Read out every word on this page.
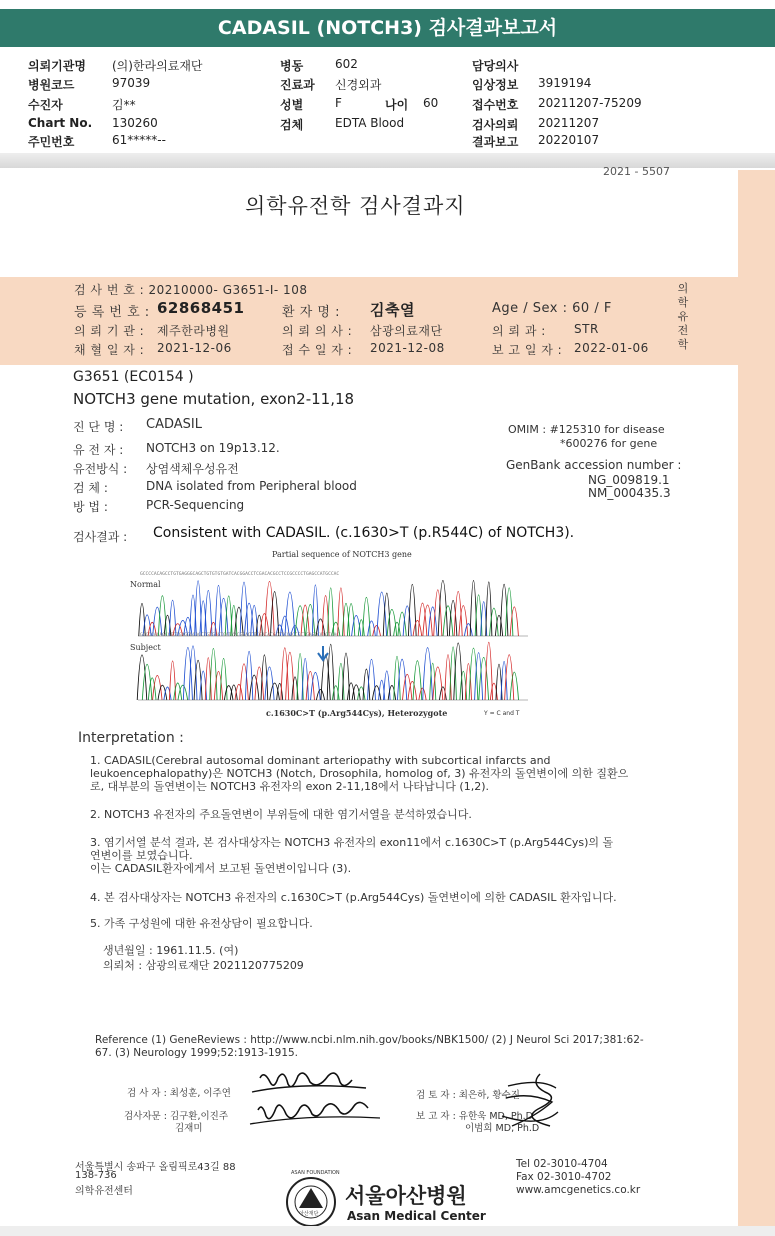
CADASIL (NOTCH3) 검사결과보고서
의뢰기관명 (의)한라의료재단
병원코드	97039
수진자	김**
Chart No. 130260
주민번호	61*****--
병동	602
진료과 신경외과
성별	F	나이 60
검체	EDTA Blood
담당의사
임상정보 3919194
접수번호 20211207-75209
검사의뢰 20211207
결과보고 20220107
2021 - 5507
의학유전학 검사결과지
검 사 번 호 : 20210000- G3651-I- 108
등 록 번 호 : 62868451	환 자 명 : 김축열	Age / Sex : 60 / F
의 뢰 기 관 : 제주한라병원	의 뢰 의 사 : 삼광의료재단	의 뢰 과 : STR
채 혈 일 자 : 2021-12-06	접 수 일 자 : 2021-12-08	보 고 일 자 : 2022-01-06
의
학
유
전
학
G3651 (EC0154 )
NOTCH3 gene mutation, exon2-11,18
진 단 명 : CADASIL
유 전 자 : NOTCH3 on 19p13.12.
유전방식 : 상염색체우성유전
검 체 :	DNA isolated from Peripheral blood
방 법 :	PCR-Sequencing
OMIM : #125310 for disease
*600276 for gene
GenBank accession number :
NG_009819.1
NM_000435.3
검사결과 : Consistent with CADASIL. (c.1630>T (p.R544C) of NOTCH3).
Partial sequence of NOTCH3 gene
Normal
Subject
GCCCCACAGCCTGTGAGGGCAGCTGTGTGTGATCACGGACCTCGACACGCCTCCGCCCCTGAGCCATGCCAC
GCCCCACAGCCTGTGAGGGCAGCTGTGTGTGATYACGGACCTCGACACGCCTCCGCCCCTGAGCCATGCCAC
c.1630C>T (p.Arg544Cys), Heterozygote	Y = C and T
Interpretation :
1. CADASIL(Cerebral autosomal dominant arteriopathy with subcortical infarcts and
leukoencephalopathy)은 NOTCH3 (Notch, Drosophila, homolog of, 3) 유전자의 돌연변이에 의한 질환으
로, 대부분의 돌연변이는 NOTCH3 유전자의 exon 2-11,18에서 나타납니다 (1,2).
2. NOTCH3 유전자의 주요돌연변이 부위들에 대한 염기서열을 분석하였습니다.
3. 염기서열 분석 결과, 본 검사대상자는 NOTCH3 유전자의 exon11에서 c.1630C>T (p.Arg544Cys)의 돌
연변이를 보였습니다.
이는 CADASIL환자에게서 보고된 돌연변이입니다 (3).
4. 본 검사대상자는 NOTCH3 유전자의 c.1630C>T (p.Arg544Cys) 돌연변이에 의한 CADASIL 환자입니다.
5. 가족 구성원에 대한 유전상담이 필요합니다.
생년월일 : 1961.11.5. (여)
의뢰처 : 삼광의료재단 2021120775209
Reference (1) GeneReviews : http://www.ncbi.nlm.nih.gov/books/NBK1500/ (2) J Neurol Sci 2017;381:62-
67. (3) Neurology 1999;52:1913-1915.
검 사 자 : 최성훈, 이주연	검 토 자 : 최은하, 황수진
검사자문 : 김구환,이진주
김재미
보 고 자 : 유한욱 MD, Ph.D
이범희 MD, Ph.D
서울특별시 송파구 올림픽로43길 88
138-736
의학유전센터
Tel 02-3010-4704
Fax 02-3010-4702
www.amcgenetics.co.kr
아산재단
ASAN FOUNDATION
서울아산병원
Asan Medical Center
